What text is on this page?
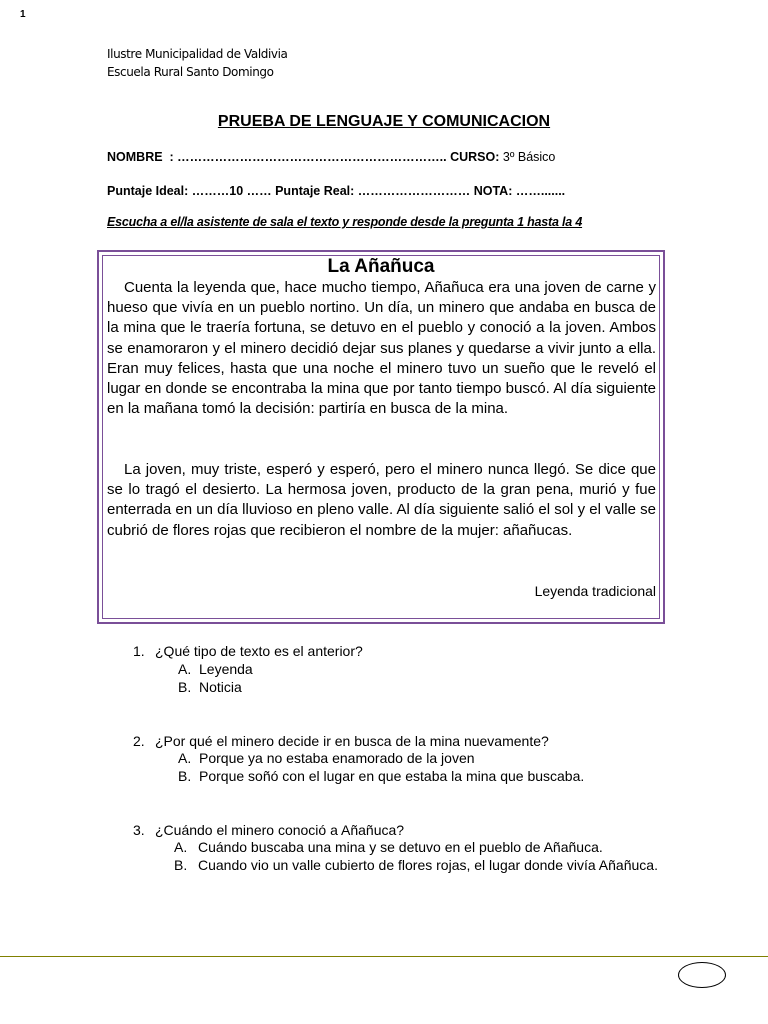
1
Ilustre Municipalidad de Valdivia
Escuela Rural Santo Domingo
PRUEBA DE LENGUAJE Y COMUNICACION
NOMBRE  : ……………………………………………………….. CURSO: 3º Básico
Puntaje Ideal: ………10 …… Puntaje Real: ……………………… NOTA: …….......
Escucha a el/la asistente de sala el texto y responde desde la pregunta 1 hasta la 4
La Añañuca
Cuenta la leyenda que, hace mucho tiempo, Añañuca era una joven de carne y hueso que vivía en un pueblo nortino. Un día, un minero que andaba en busca de la mina que le traería fortuna, se detuvo en el pueblo y conoció a la joven. Ambos se enamoraron y el minero decidió dejar sus planes y quedarse a vivir junto a ella. Eran muy felices, hasta que una noche el minero tuvo un sueño que le reveló el lugar en donde se encontraba la mina que por tanto tiempo buscó. Al día siguiente en la mañana tomó la decisión: partiría en busca de la mina.
La joven, muy triste, esperó y esperó, pero el minero nunca llegó. Se dice que se lo tragó el desierto. La hermosa joven, producto de la gran pena, murió y fue enterrada en un día lluvioso en pleno valle. Al día siguiente salió el sol y el valle se cubrió de flores rojas que recibieron el nombre de la mujer: añañucas.
Leyenda tradicional
1. ¿Qué tipo de texto es el anterior?
A. Leyenda
B. Noticia
2. ¿Por qué el minero decide ir en busca de la mina nuevamente?
A. Porque ya no estaba enamorado de la joven
B. Porque soñó con el lugar en que estaba la mina que buscaba.
3. ¿Cuándo el minero conoció a Añañuca?
A. Cuándo buscaba una mina y se detuvo en el pueblo de Añañuca.
B. Cuando vio un valle cubierto de flores rojas, el lugar donde vivía Añañuca.
